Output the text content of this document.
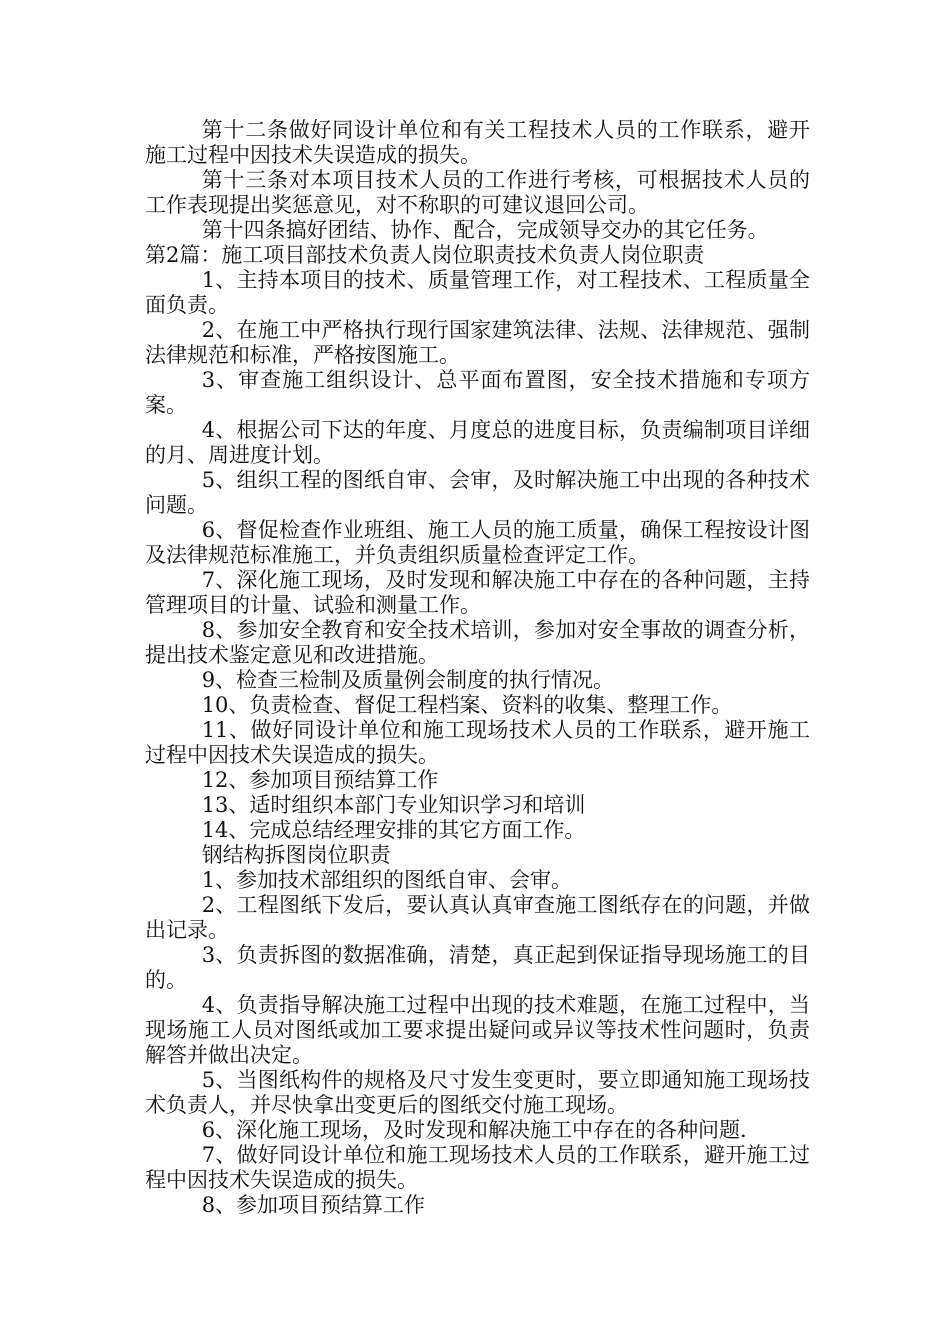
第十二条做好同设计单位和有关工程技术人员的工作联系，避开施工过程中因技术失误造成的损失。

第十三条对本项目技术人员的工作进行考核，可根据技术人员的工作表现提出奖惩意见，对不称职的可建议退回公司。

第十四条搞好团结、协作、配合，完成领导交办的其它任务。

第2篇：施工项目部技术负责人岗位职责技术负责人岗位职责

1、主持本项目的技术、质量管理工作，对工程技术、工程质量全面负责。

2、在施工中严格执行现行国家建筑法律、法规、法律规范、强制法律规范和标准，严格按图施工。

3、审查施工组织设计、总平面布置图，安全技术措施和专项方案。

4、根据公司下达的年度、月度总的进度目标，负责编制项目详细的月、周进度计划。

5、组织工程的图纸自审、会审，及时解决施工中出现的各种技术问题。

6、督促检查作业班组、施工人员的施工质量，确保工程按设计图及法律规范标准施工，并负责组织质量检查评定工作。

7、深化施工现场，及时发现和解决施工中存在的各种问题，主持管理项目的计量、试验和测量工作。

8、参加安全教育和安全技术培训，参加对安全事故的调查分析，提出技术鉴定意见和改进措施。

9、检查三检制及质量例会制度的执行情况。

10、负责检查、督促工程档案、资料的收集、整理工作。

11、做好同设计单位和施工现场技术人员的工作联系，避开施工过程中因技术失误造成的损失。

12、参加项目预结算工作

13、适时组织本部门专业知识学习和培训

14、完成总结经理安排的其它方面工作。

钢结构拆图岗位职责

1、参加技术部组织的图纸自审、会审。

2、工程图纸下发后，要认真认真审查施工图纸存在的问题，并做出记录。

3、负责拆图的数据准确，清楚，真正起到保证指导现场施工的目的。

4、负责指导解决施工过程中出现的技术难题，在施工过程中，当现场施工人员对图纸或加工要求提出疑问或异议等技术性问题时，负责解答并做出决定。

5、当图纸构件的规格及尺寸发生变更时，要立即通知施工现场技术负责人，并尽快拿出变更后的图纸交付施工现场。

6、深化施工现场，及时发现和解决施工中存在的各种问题.

7、做好同设计单位和施工现场技术人员的工作联系，避开施工过程中因技术失误造成的损失。

8、参加项目预结算工作
